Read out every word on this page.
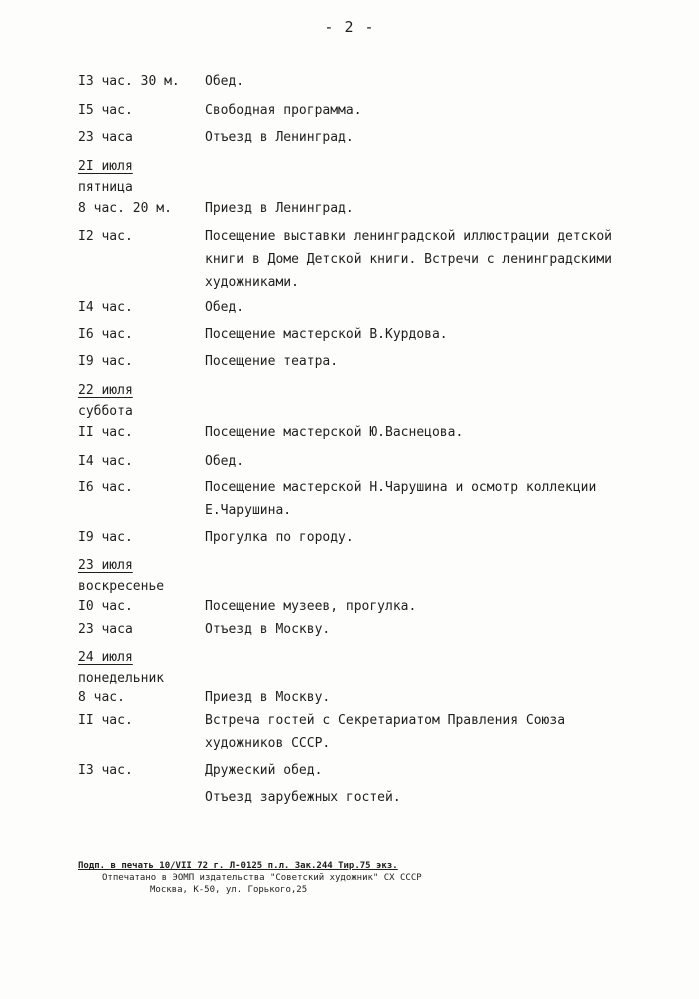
- 2 -
I3 час. 30 м. Обед.
I5 час.	Свободная программа.
23 часа	Отъезд в Ленинград.
2I июля
пятница
8 час. 20 м.	Приезд в Ленинград.
I2 час.	Посещение выставки ленинградской иллюстрации детской книги в Доме Детской книги. Встречи с ленинградскими художниками.
I4 час.	Обед.
I6 час.	Посещение мастерской В.Курдова.
I9 час.	Посещение театра.
22 июля
суббота
II час.	Посещение мастерской Ю.Васнецова.
I4 час.	Обед.
I6 час.	Посещение мастерской Н.Чарушина и осмотр коллекции Е.Чарушина.
I9 час.	Прогулка по городу.
23 июля
воскресенье
I0 час.	Посещение музеев, прогулка.
23 часа	Отъезд в Москву.
24 июля
понедельник
8 час.	Приезд в Москву.
II час.	Встреча гостей с Секретариатом Правления Союза художников СССР.
I3 час.	Дружеский обед.
Отъезд зарубежных гостей.
Подп. в печать 10/VII 72 г. Л-0125 п.л. Зак.244 Тир.75 экз.
Отпечатано в ЭОМП издательства "Советский художник" СХ СССР
Москва, К-50, ул. Горького,25
